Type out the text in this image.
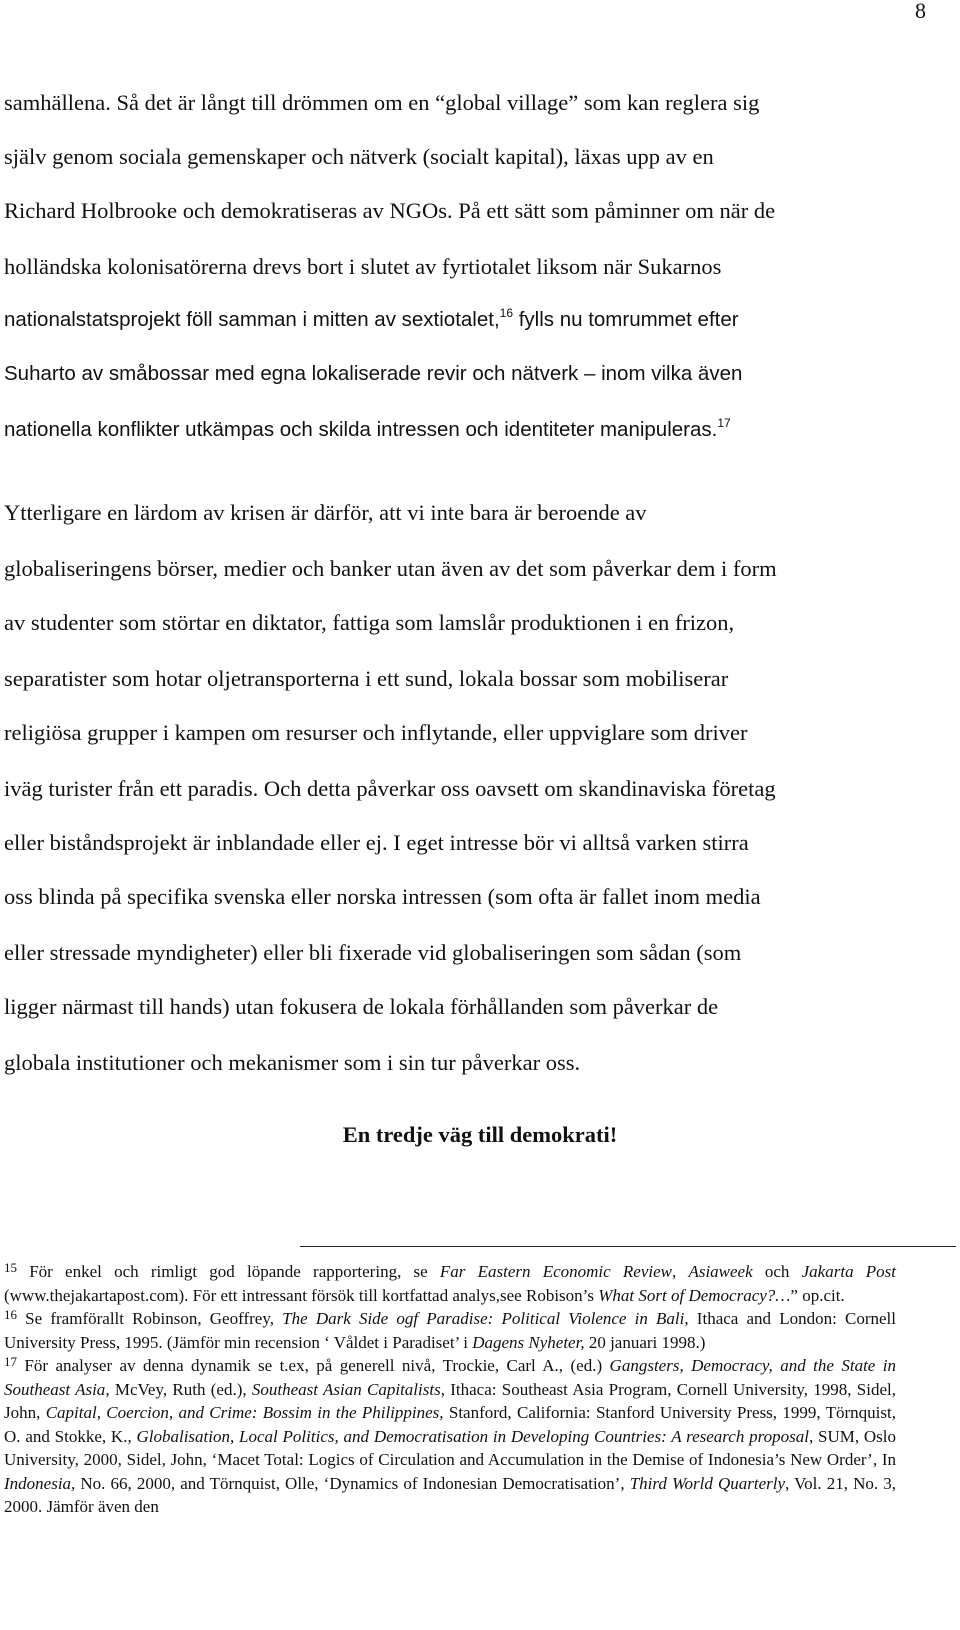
8
samhällena. Så det är långt till drömmen om en “global village” som kan reglera sig
själv genom sociala gemenskaper och nätverk (socialt kapital), läxas upp av en
Richard Holbrooke och demokratiseras av NGOs. På ett sätt som påminner om när de
holländska kolonisatörerna drevs bort i slutet av fyrtiotalet liksom när Sukarnos
nationalstatsprojekt föll samman i mitten av sextiotalet,$^{16}$ fylls nu tomrummet efter
Suharto av småbossar med egna lokaliserade revir och nätverk – inom vilka även
nationella konflikter utkämpas och skilda intressen och identiteter manipuleras.$^{17}$
Ytterligare en lärdom av krisen är därför, att vi inte bara är beroende av
globaliseringens börser, medier och banker utan även av det som påverkar dem i form
av studenter som störtar en diktator, fattiga som lamslår produktionen i en frizon,
separatister som hotar oljetransporterna i ett sund, lokala bossar som mobiliserar
religiösa grupper i kampen om resurser och inflytande, eller uppviglare som driver
iväg turister från ett paradis. Och detta påverkar oss oavsett om skandinaviska företag
eller biståndsprojekt är inblandade eller ej. I eget intresse bör vi alltså varken stirra
oss blinda på specifika svenska eller norska intressen (som ofta är fallet inom media
eller stressade myndigheter) eller bli fixerade vid globaliseringen som sådan (som
ligger närmast till hands) utan fokusera de lokala förhållanden som påverkar de
globala institutioner och mekanismer som i sin tur påverkar oss.
En tredje väg till demokrati!

$^{15}$ För enkel och rimligt god löpande rapportering, se Far Eastern Economic Review, Asiaweek och Jakarta Post (www.thejakartapost.com). För ett intressant försök till kortfattad analys,see Robison’s What Sort of Democracy?…” op.cit.

$^{16}$ Se framförallt Robinson, Geoffrey, The Dark Side ogf Paradise: Political Violence in Bali, Ithaca and London: Cornell University Press, 1995. (Jämför min recension ‘ Våldet i Paradiset’ i Dagens Nyheter, 20 januari 1998.)

$^{17}$ För analyser av denna dynamik se t.ex, på generell nivå, Trockie, Carl A., (ed.) Gangsters, Democracy, and the State in Southeast Asia, McVey, Ruth (ed.), Southeast Asian Capitalists, Ithaca: Southeast Asia Program, Cornell University, 1998, Sidel, John, Capital, Coercion, and Crime: Bossim in the Philippines, Stanford, California: Stanford University Press, 1999, Törnquist, O. and Stokke, K., Globalisation, Local Politics, and Democratisation in Developing Countries: A research proposal, SUM, Oslo University, 2000, Sidel, John, ‘Macet Total: Logics of Circulation and Accumulation in the Demise of Indonesia’s New Order’, In Indonesia, No. 66, 2000, and Törnquist, Olle, ‘Dynamics of Indonesian Democratisation’, Third World Quarterly, Vol. 21, No. 3, 2000. Jämför även den
